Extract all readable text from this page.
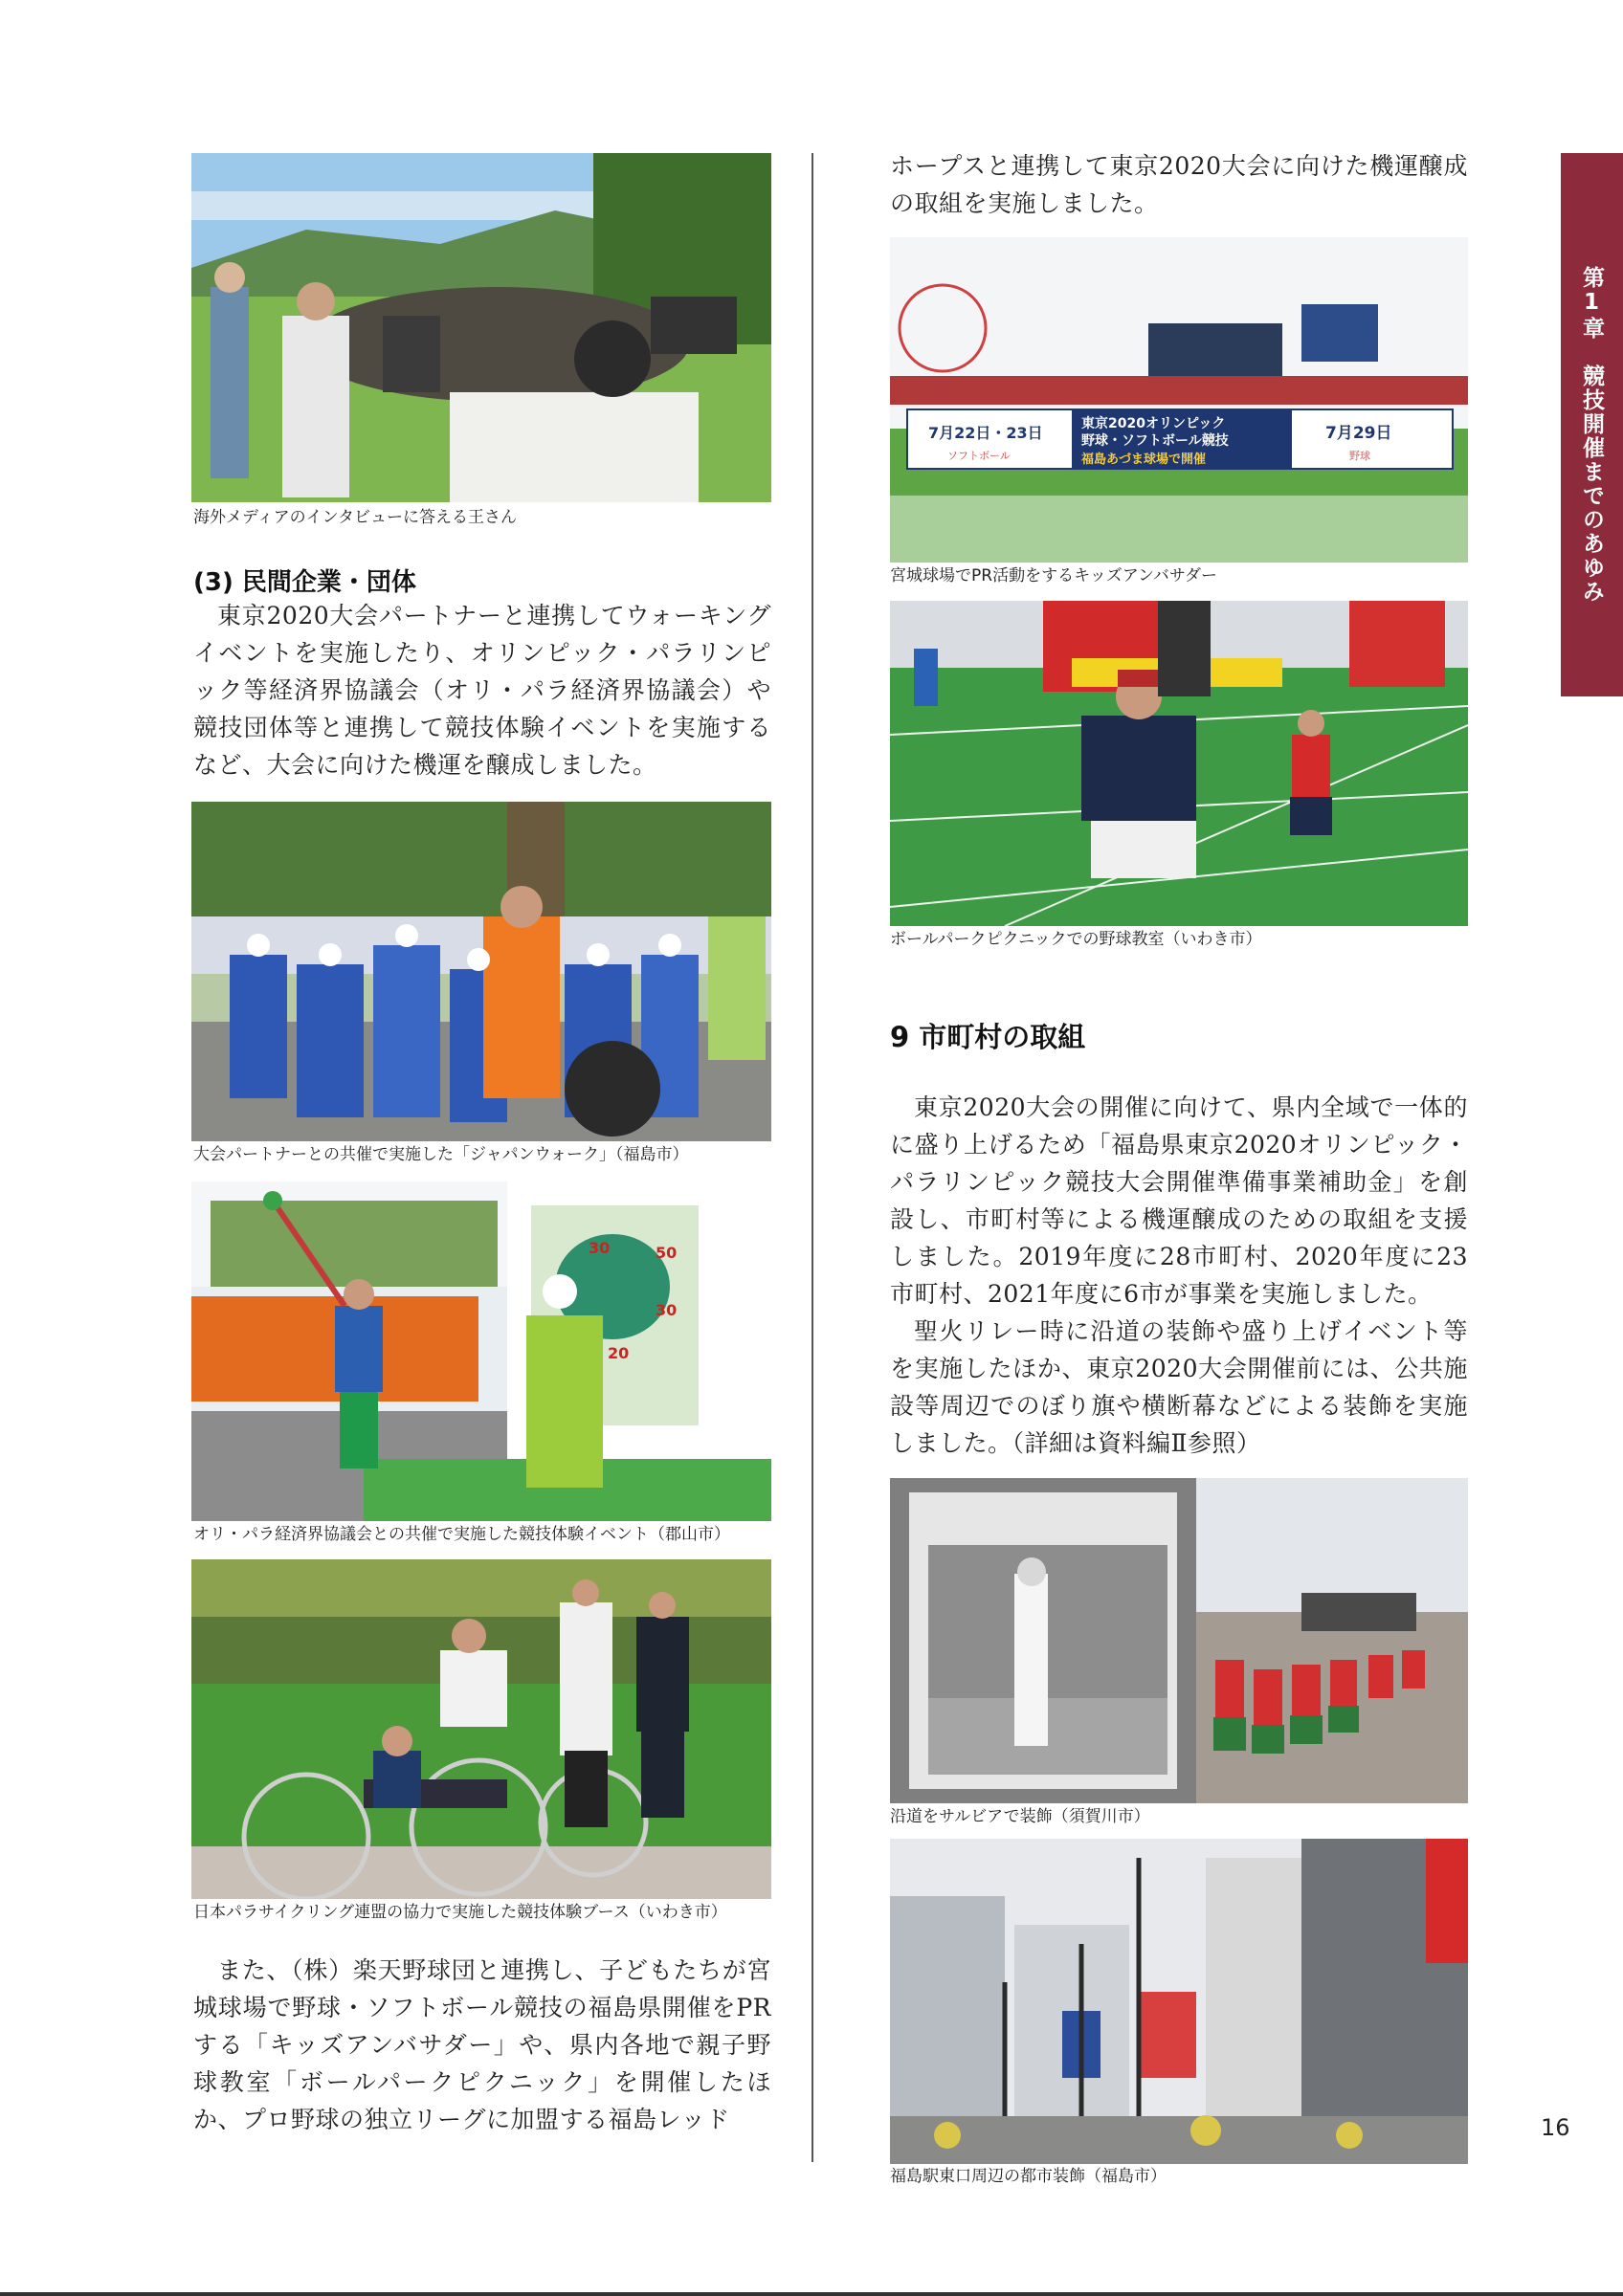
第1章　競技開催までのあゆみ
海外メディアのインタビューに答える王さん
(3) 民間企業・団体

東京2020大会パートナーと連携してウォーキングイベントを実施したり、オリンピック・パラリンピック等経済界協議会（オリ・パラ経済界協議会）や競技団体等と連携して競技体験イベントを実施するなど、大会に向けた機運を醸成しました。

大会パートナーとの共催で実施した「ジャパンウォーク」（福島市）
30	50
30
20
オリ・パラ経済界協議会との共催で実施した競技体験イベント（郡山市）
日本パラサイクリング連盟の協力で実施した競技体験ブース（いわき市）

また、（株）楽天野球団と連携し、子どもたちが宮城球場で野球・ソフトボール競技の福島県開催をPRする「キッズアンバサダー」や、県内各地で親子野球教室「ボールパークピクニック」を開催したほか、プロ野球の独立リーグに加盟する福島レッド

ホープスと連携して東京2020大会に向けた機運醸成の取組を実施しました。

7月22日・23日
ソフトボール
東京2020オリンピック
野球・ソフトボール競技
福島あづま球場で開催
7月29日
野球
宮城球場でPR活動をするキッズアンバサダー
ボールパークピクニックでの野球教室（いわき市）
9 市町村の取組

東京2020大会の開催に向けて、県内全域で一体的に盛り上げるため「福島県東京2020オリンピック・パラリンピック競技大会開催準備事業補助金」を創設し、市町村等による機運醸成のための取組を支援しました。2019年度に28市町村、2020年度に23市町村、2021年度に6市が事業を実施しました。

聖火リレー時に沿道の装飾や盛り上げイベント等を実施したほか、東京2020大会開催前には、公共施設等周辺でのぼり旗や横断幕などによる装飾を実施しました。（詳細は資料編Ⅱ参照）

沿道をサルビアで装飾（須賀川市）
福島駅東口周辺の都市装飾（福島市）
16
